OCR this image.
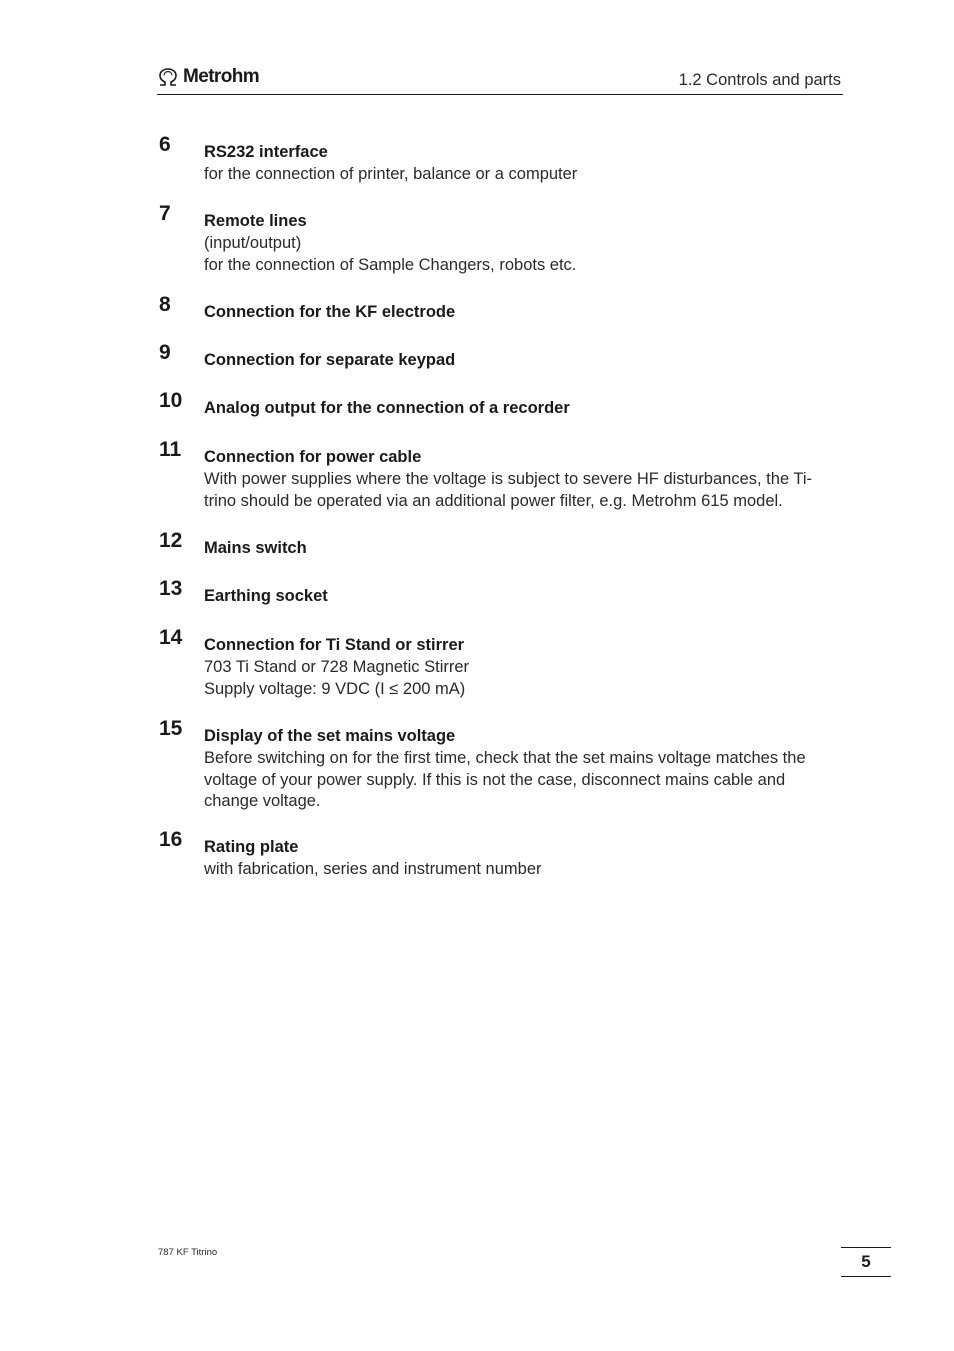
Metrohm	1.2 Controls and parts
6 RS232 interface
for the connection of printer, balance or a computer
7 Remote lines
(input/output)
for the connection of Sample Changers, robots etc.
8 Connection for the KF electrode
9 Connection for separate keypad
10 Analog output for the connection of a recorder
11 Connection for power cable
With power supplies where the voltage is subject to severe HF disturbances, the Ti-
trino should be operated via an additional power filter, e.g. Metrohm 615 model.
12 Mains switch
13 Earthing socket
14 Connection for Ti Stand or stirrer
703 Ti Stand or 728 Magnetic Stirrer
Supply voltage: 9 VDC (I ≤ 200 mA)
15 Display of the set mains voltage
Before switching on for the first time, check that the set mains voltage matches the
voltage of your power supply. If this is not the case, disconnect mains cable and
change voltage.
16 Rating plate
with fabrication, series and instrument number
787 KF Titrino	5
